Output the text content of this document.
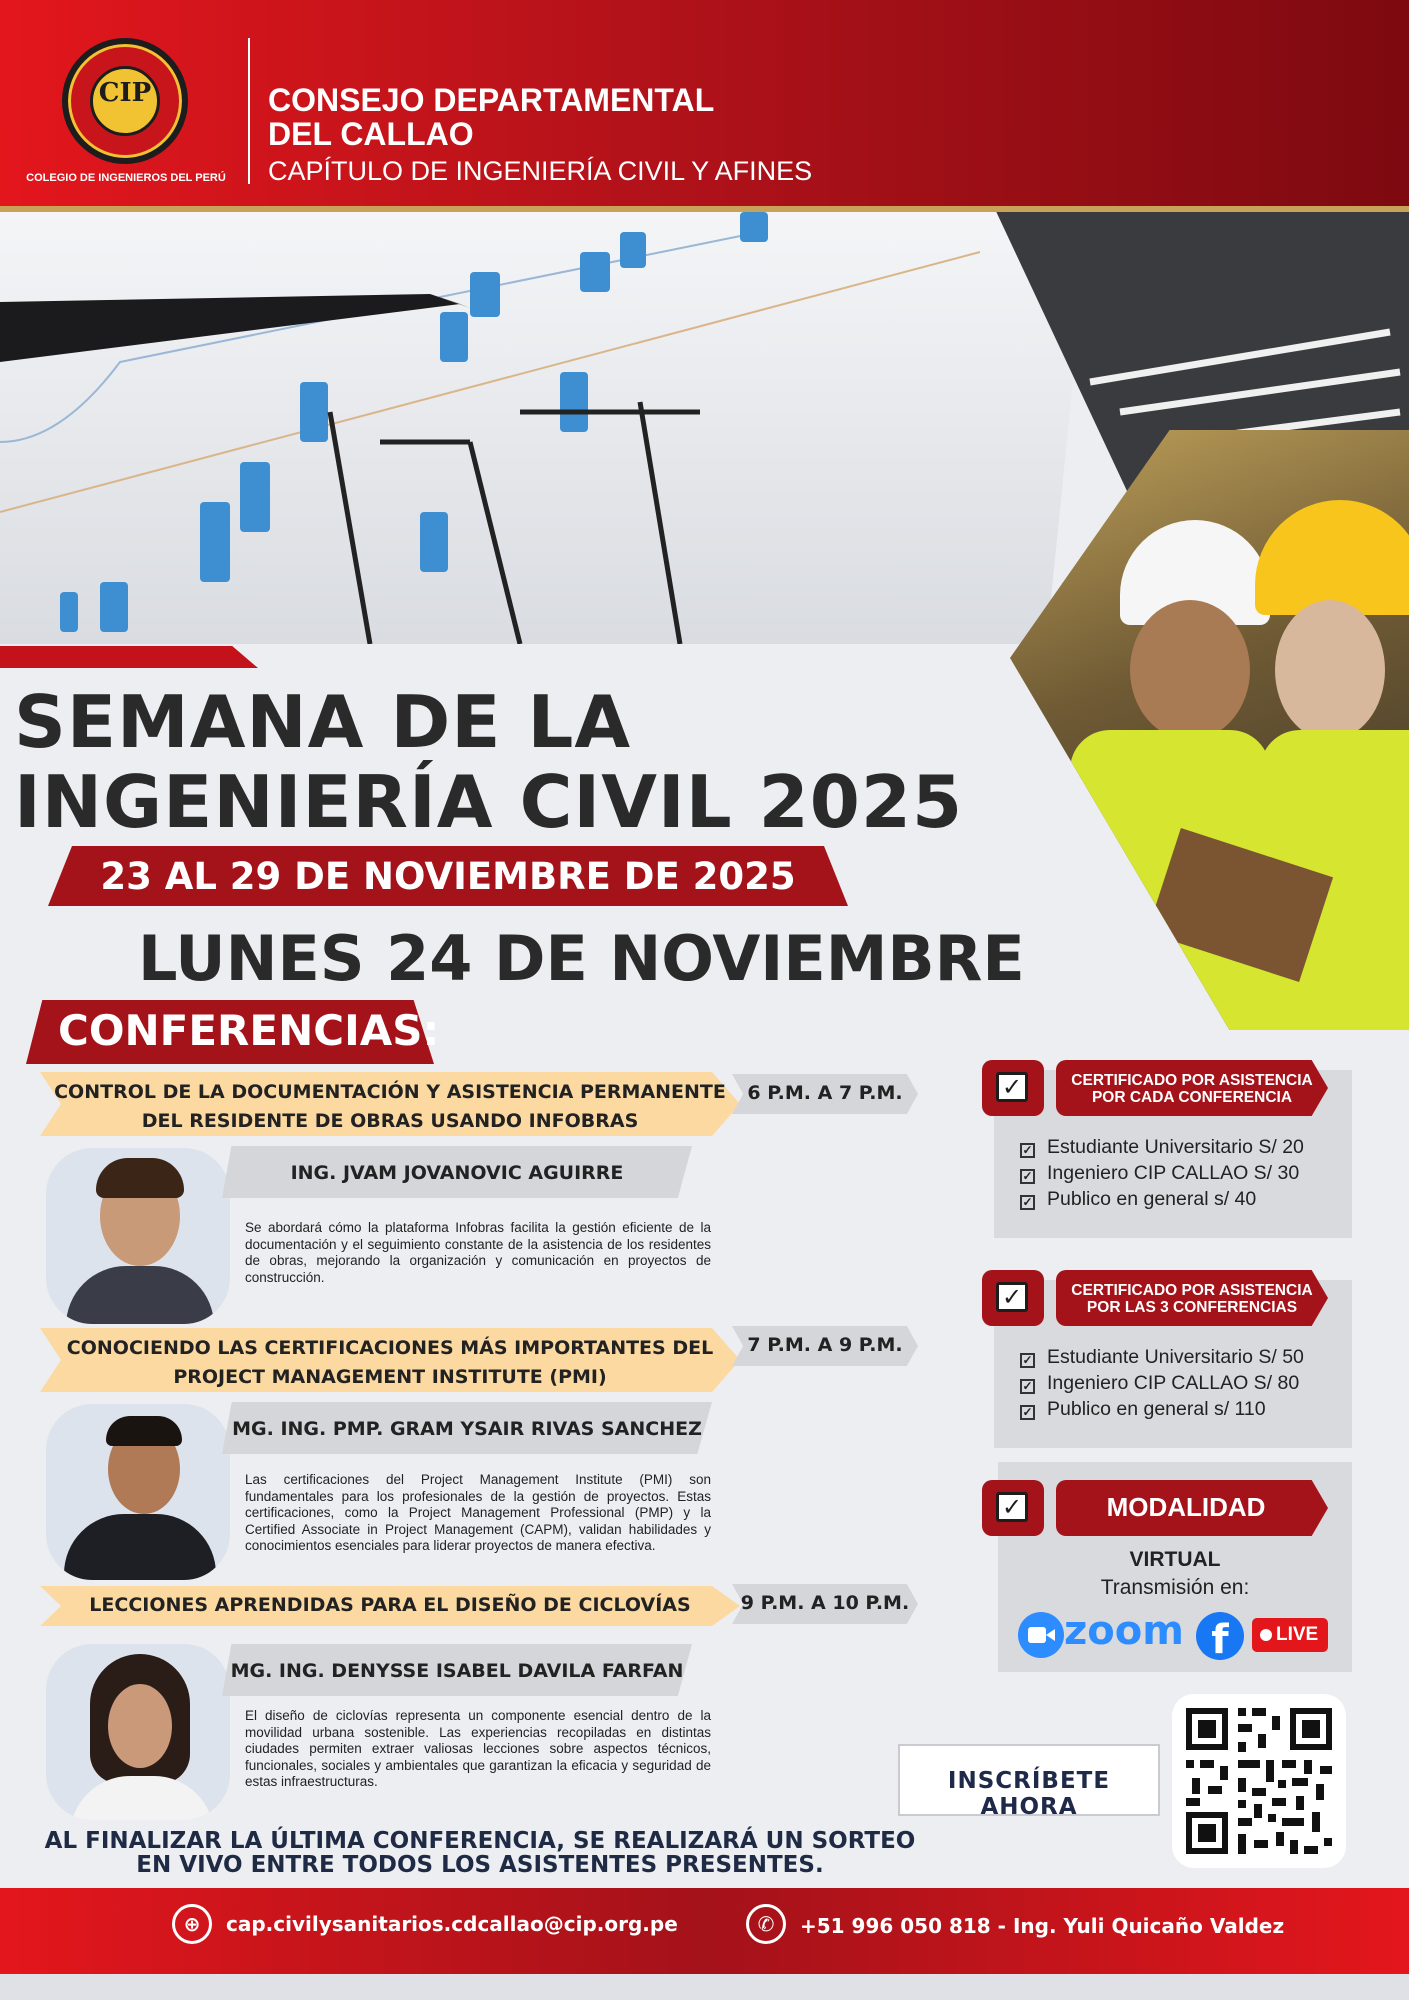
CIP
COLEGIO DE INGENIEROS DEL PERÚ
CONSEJO DEPARTAMENTAL
DEL CALLAO
CAPÍTULO DE INGENIERÍA CIVIL Y AFINES
SEMANA DE LA
INGENIERÍA CIVIL 2025
23 AL 29 DE NOVIEMBRE DE 2025
LUNES 24 DE NOVIEMBRE
CONFERENCIAS:
CONTROL DE LA DOCUMENTACIÓN Y ASISTENCIA PERMANENTE
DEL RESIDENTE DE OBRAS USANDO INFOBRAS
6 P.M. A 7 P.M.
ING. JVAM JOVANOVIC AGUIRRE
Se abordará cómo la plataforma Infobras facilita la gestión eficiente de la documentación y el seguimiento constante de la asistencia de los residentes de obras, mejorando la organización y comunicación en proyectos de construcción.
CONOCIENDO LAS CERTIFICACIONES MÁS IMPORTANTES DEL
PROJECT MANAGEMENT INSTITUTE (PMI)
7 P.M. A 9 P.M.
MG. ING. PMP. GRAM YSAIR RIVAS SANCHEZ
Las certificaciones del Project Management Institute (PMI) son fundamentales para los profesionales de la gestión de proyectos. Estas certificaciones, como la Project Management Professional (PMP) y la Certified Associate in Project Management (CAPM), validan habilidades y conocimientos esenciales para liderar proyectos de manera efectiva.
LECCIONES APRENDIDAS PARA EL DISEÑO DE CICLOVÍAS	9 P.M. A 10 P.M.
MG. ING. DENYSSE ISABEL DAVILA FARFAN
El diseño de ciclovías representa un componente esencial dentro de la movilidad urbana sostenible. Las experiencias recopiladas en distintas ciudades permiten extraer valiosas lecciones sobre aspectos técnicos, funcionales, sociales y ambientales que garantizan la eficacia y seguridad de estas infraestructuras.
✓	CERTIFICADO POR ASISTENCIA
POR CADA CONFERENCIA
✓ Estudiante Universitario S/ 20
✓ Ingeniero CIP CALLAO S/ 30
✓ Publico en general s/ 40
✓	CERTIFICADO POR ASISTENCIA
POR LAS 3 CONFERENCIAS
✓ Estudiante Universitario S/ 50
✓ Ingeniero CIP CALLAO S/ 80
✓ Publico en general s/ 110
✓	MODALIDAD
VIRTUAL
Transmisión en:
zoom f	LIVE
INSCRÍBETE AHORA
AL FINALIZAR LA ÚLTIMA CONFERENCIA, SE REALIZARÁ UN SORTEO
EN VIVO ENTRE TODOS LOS ASISTENTES PRESENTES.
⊕	cap.civilysanitarios.cdcallao@cip.org.pe	✆	+51 996 050 818 - Ing. Yuli Quicaño Valdez
